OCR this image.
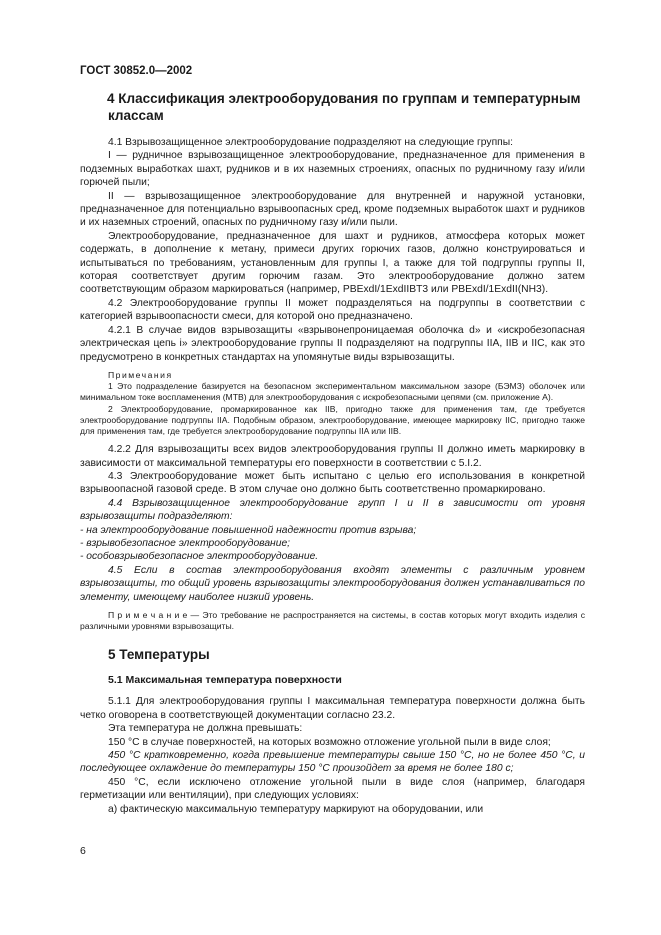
ГОСТ 30852.0—2002
4 Классификация электрооборудования по группам и температурным классам

4.1 Взрывозащищенное электрооборудование подразделяют на следующие группы:

I — рудничное взрывозащищенное электрооборудование, предназначенное для применения в подземных выработках шахт, рудников и в их наземных строениях, опасных по рудничному газу и/или горючей пыли;

II — взрывозащищенное электрооборудование для внутренней и наружной установки, предназначенное для потенциально взрывоопасных сред, кроме подземных выработок шахт и рудников и их наземных строений, опасных по рудничному газу и/или пыли.

Электрооборудование, предназначенное для шахт и рудников, атмосфера которых может содержать, в дополнение к метану, примеси других горючих газов, должно конструироваться и испытываться по требованиям, установленным для группы I, а также для той подгруппы группы II, которая соответствует другим горючим газам. Это электрооборудование должно затем соответствующим образом маркироваться (например, PBExdI/1ExdIIBT3 или PBExdI/1ExdII(NH3).

4.2 Электрооборудование группы II может подразделяться на подгруппы в соответствии с категорией взрывоопасности смеси, для которой оно предназначено.

4.2.1 В случае видов взрывозащиты «взрывонепроницаемая оболочка d» и «искробезопасная электрическая цепь i» электрооборудование группы II подразделяют на подгруппы IIA, IIB и IIC, как это предусмотрено в конкретных стандартах на упомянутые виды взрывозащиты.

Примечания

1 Это подразделение базируется на безопасном экспериментальном максимальном зазоре (БЭМЗ) оболочек или минимальном токе воспламенения (МТВ) для электрооборудования с искробезопасными цепями (см. приложение А).

2 Электрооборудование, промаркированное как IIB, пригодно также для применения там, где требуется электрооборудование подгруппы IIA. Подобным образом, электрооборудование, имеющее маркировку IIC, пригодно также для применения там, где требуется электрооборудование подгруппы IIA или IIB.

4.2.2 Для взрывозащиты всех видов электрооборудования группы II должно иметь маркировку в зависимости от максимальной температуры его поверхности в соответствии с 5.I.2.

4.3 Электрооборудование может быть испытано с целью его использования в конкретной взрывоопасной газовой среде. В этом случае оно должно быть соответственно промаркировано.

4.4 Взрывозащищенное электрооборудование групп I и II в зависимости от уровня взрывозащиты подразделяют:

- на электрооборудование повышенной надежности против взрыва;

- взрывобезопасное электрооборудование;

- особовзрывобезопасное электрооборудование.

4.5 Если в состав электрооборудования входят элементы с различным уровнем взрывозащиты, то общий уровень взрывозащиты электрооборудования должен устанавливаться по элементу, имеющему наиболее низкий уровень.

П р и м е ч а н и е — Это требование не распространяется на системы, в состав которых могут входить изделия с различными уровнями взрывозащиты.

5 Температуры
5.1 Максимальная температура поверхности

5.1.1 Для электрооборудования группы I максимальная температура поверхности должна быть четко оговорена в соответствующей документации согласно 23.2.

Эта температура не должна превышать:

150 °С в случае поверхностей, на которых возможно отложение угольной пыли в виде слоя;

450 °С кратковременно, когда превышение температуры свыше 150 °С, но не более 450 °С, и последующее охлаждение до температуры 150 °С произойдет за время не более 180 с;

450 °С, если исключено отложение угольной пыли в виде слоя (например, благодаря герметизации или вентиляции), при следующих условиях:

а) фактическую максимальную температуру маркируют на оборудовании, или

6
